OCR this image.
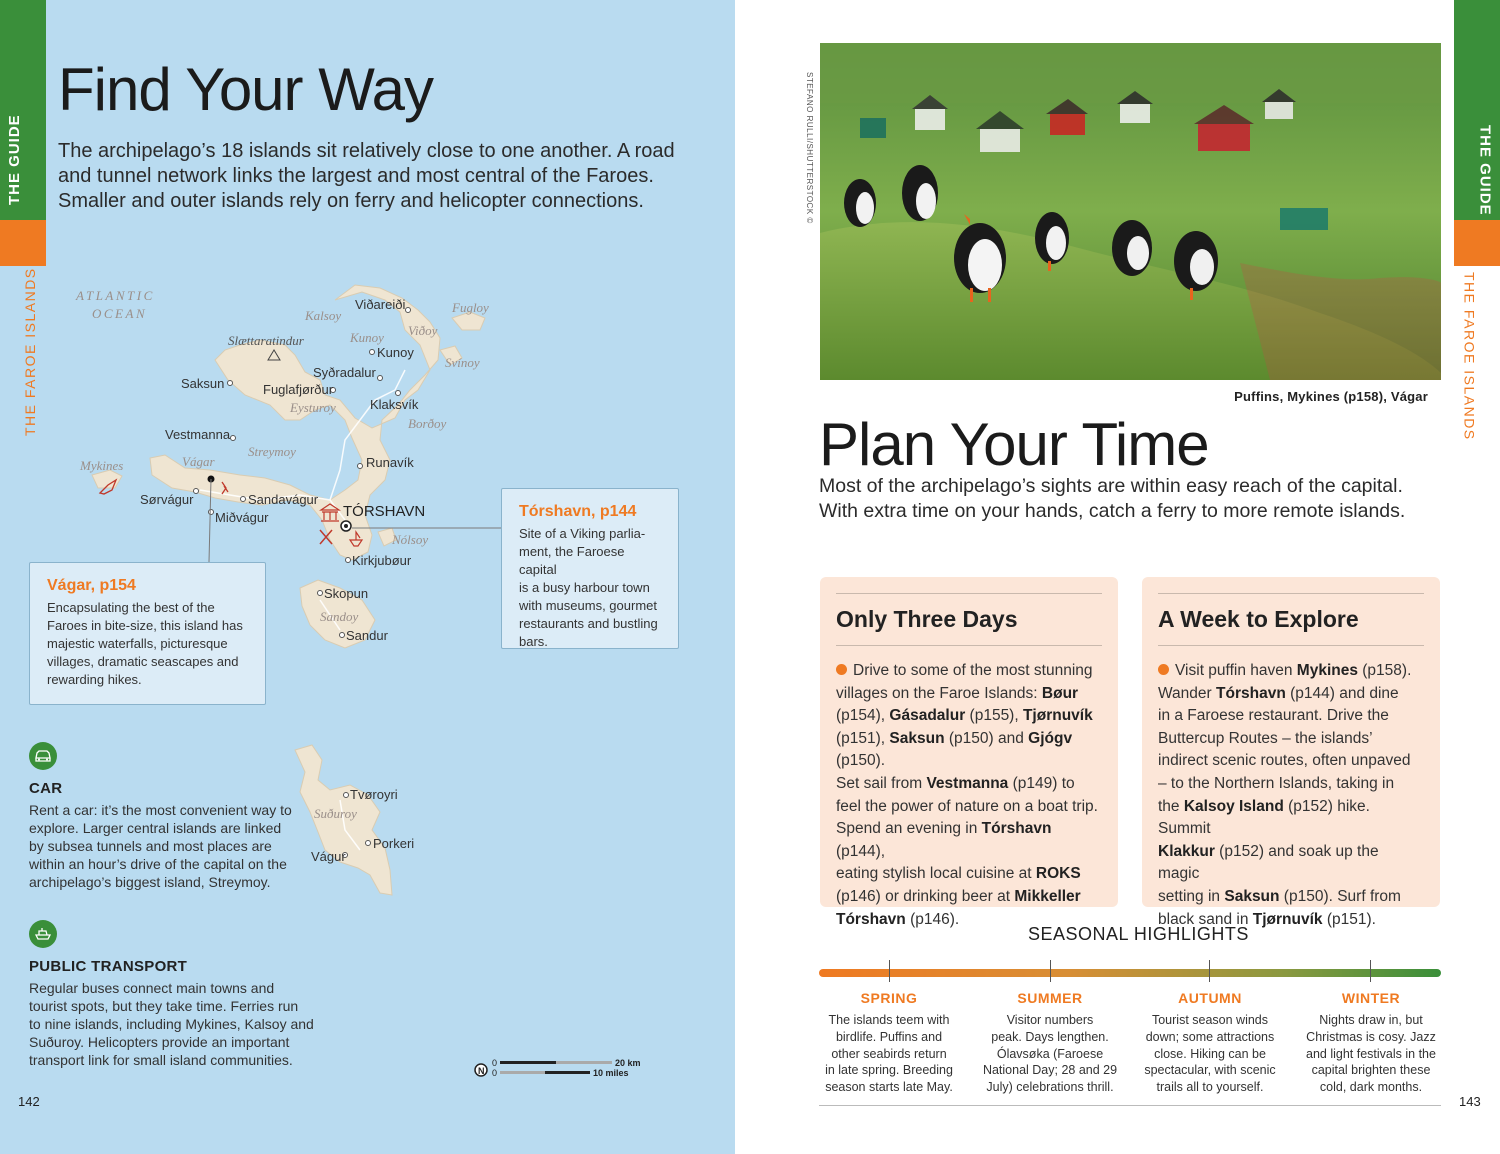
THE GUIDE
THE FAROE ISLANDS
Find Your Way
The archipelago’s 18 islands sit relatively close to one another. A road
and tunnel network links the largest and most central of the Faroes.
Smaller and outer islands rely on ferry and helicopter connections.
ATLANTIC
OCEAN	Kalsoy
Fugloy
Viðoy
Kunoy
Svínoy
Slættaratindur
Eysturoy
Borðoy
Streymoy
Mykines	Vágar
Nólsoy
Sandoy
Suðuroy
Viðareiði
Kunoy
Syðradalur
Saksun	Fuglafjørður
Klaksvík
Vestmanna
Runavík
Sørvágur	Sandavágur
Miðvágur	TÓRSHAVN
Kirkjubøur
Skopun
Sandur
Tvøroyri
Porkeri
Vágur
N
0
0
20 km
10 miles
Tórshavn, p144
Site of a Viking parlia-
ment, the Faroese capital
is a busy harbour town
with museums, gourmet
restaurants and bustling
bars.
Vágar, p154
Encapsulating the best of the
Faroes in bite-size, this island has
majestic waterfalls, picturesque
villages, dramatic seascapes and
rewarding hikes.
CAR
Rent a car: it’s the most convenient way to
explore. Larger central islands are linked
by subsea tunnels and most places are
within an hour’s drive of the capital on the
archipelago’s biggest island, Streymoy.
PUBLIC TRANSPORT
Regular buses connect main towns and
tourist spots, but they take time. Ferries run
to nine islands, including Mykines, Kalsoy and
Suðuroy. Helicopters provide an important
transport link for small island communities.
142
THE GUIDE
THE FAROE ISLANDS
STEFANO RULLI/SHUTTERSTOCK ©
Puffins, Mykines (p158), Vágar
Plan Your Time
Most of the archipelago’s sights are within easy reach of the capital.
With extra time on your hands, catch a ferry to more remote islands.
Only Three Days
Drive to some of the most stunning
villages on the Faroe Islands: Bøur
(p154), Gásadalur (p155), Tjørnuvík
(p151), Saksun (p150) and Gjógv (p150).
Set sail from Vestmanna (p149) to
feel the power of nature on a boat trip.
Spend an evening in Tórshavn (p144),
eating stylish local cuisine at ROKS
(p146) or drinking beer at Mikkeller
Tórshavn (p146).
A Week to Explore
Visit puffin haven Mykines (p158).
Wander Tórshavn (p144) and dine
in a Faroese restaurant. Drive the
Buttercup Routes – the islands’
indirect scenic routes, often unpaved
– to the Northern Islands, taking in
the Kalsoy Island (p152) hike. Summit
Klakkur (p152) and soak up the magic
setting in Saksun (p150). Surf from
black sand in Tjørnuvík (p151).
SEASONAL HIGHLIGHTS
SPRING
The islands teem with
birdlife. Puffins and
other seabirds return
in late spring. Breeding
season starts late May.
SUMMER
Visitor numbers
peak. Days lengthen.
Ólavsøka (Faroese
National Day; 28 and 29
July) celebrations thrill.
AUTUMN
Tourist season winds
down; some attractions
close. Hiking can be
spectacular, with scenic
trails all to yourself.
WINTER
Nights draw in, but
Christmas is cosy. Jazz
and light festivals in the
capital brighten these
cold, dark months.
143
